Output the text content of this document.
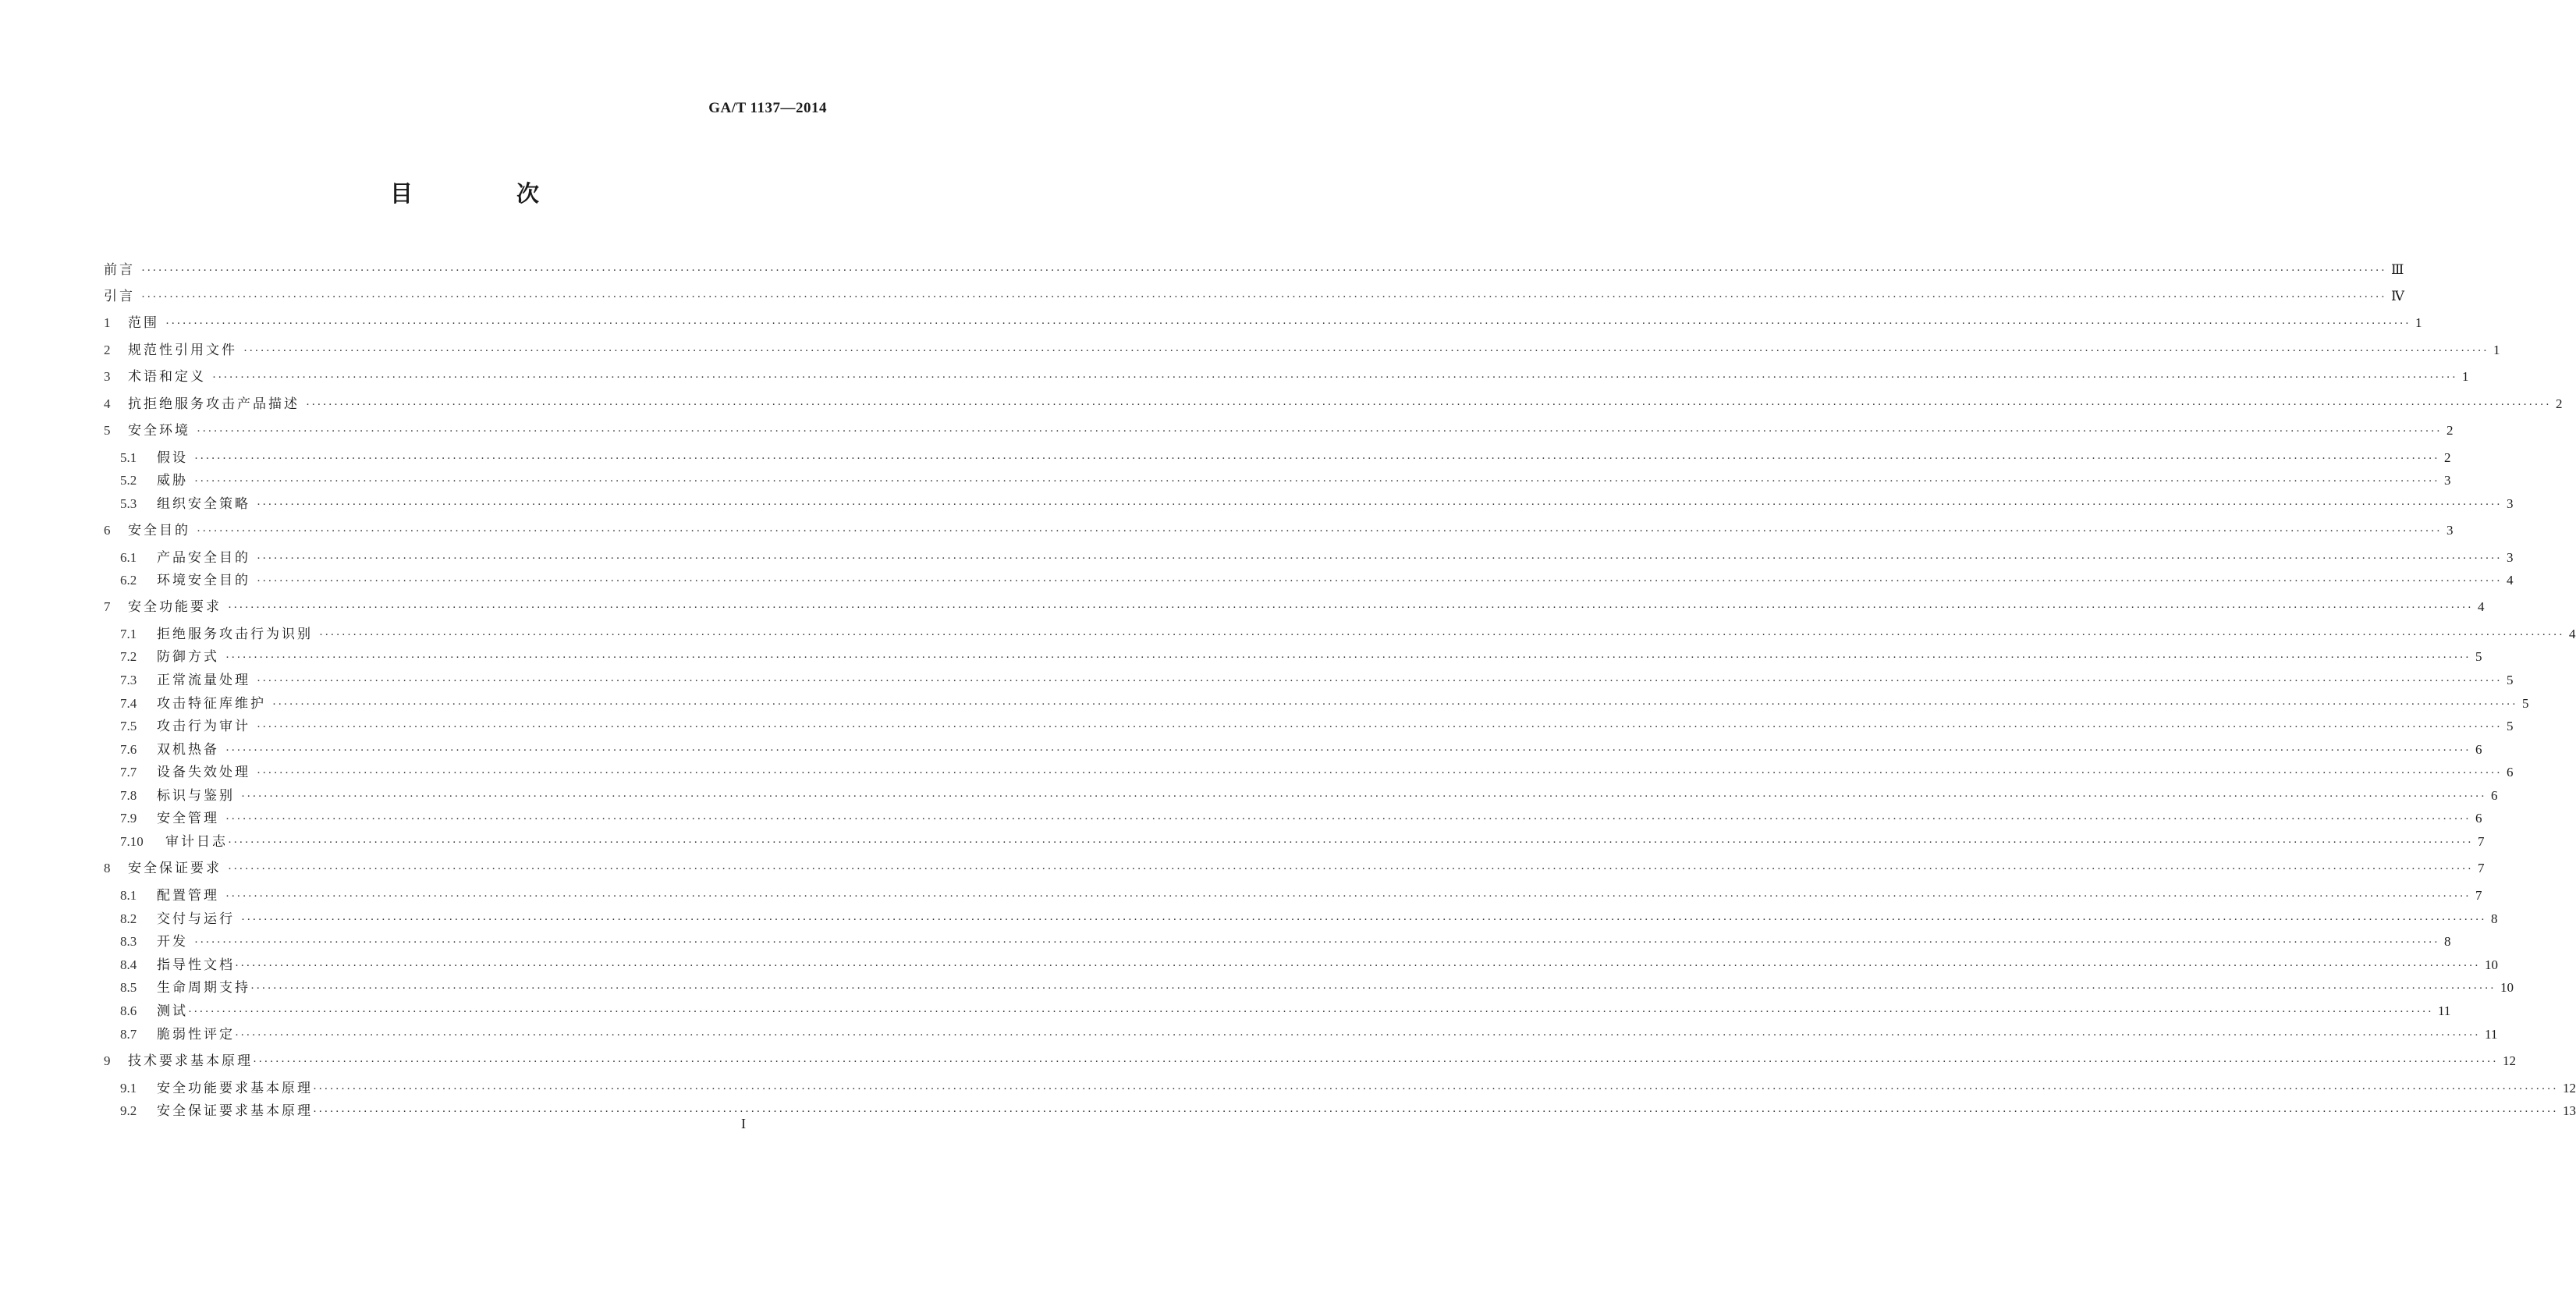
GA/T 1137—2014
目　次
前言 ················································································································································································································································································································································································································ Ⅲ
引言 ················································································································································································································································································································································································································ Ⅳ
1	范围 ················································································································································································································································································································································································································ 1
2	规范性引用文件 ················································································································································································································································································································································································································ 1
3	术语和定义 ················································································································································································································································································································································································································ 1
4	抗拒绝服务攻击产品描述 ················································································································································································································································································································································································································ 2
5	安全环境 ················································································································································································································································································································································································································ 2
5.1	假设 ················································································································································································································································································································································································································ 2
5.2	威胁 ················································································································································································································································································································································································································ 3
5.3	组织安全策略 ················································································································································································································································································································································································································ 3
6	安全目的 ················································································································································································································································································································································································································ 3
6.1	产品安全目的 ················································································································································································································································································································································································································ 3
6.2	环境安全目的 ················································································································································································································································································································································································································ 4
7	安全功能要求 ················································································································································································································································································································································································································ 4
7.1	拒绝服务攻击行为识别 ················································································································································································································································································································································································································ 4
7.2	防御方式 ················································································································································································································································································································································································································ 5
7.3	正常流量处理 ················································································································································································································································································································································································································ 5
7.4	攻击特征库维护 ················································································································································································································································································································································································································ 5
7.5	攻击行为审计 ················································································································································································································································································································································································································ 5
7.6	双机热备 ················································································································································································································································································································································································································ 6
7.7	设备失效处理 ················································································································································································································································································································································································································ 6
7.8	标识与鉴别 ················································································································································································································································································································································································································ 6
7.9	安全管理 ················································································································································································································································································································································································································ 6
7.10	审计日志 ················································································································································································································································································································································································································ 7
8	安全保证要求 ················································································································································································································································································································································································································ 7
8.1	配置管理 ················································································································································································································································································································································································································ 7
8.2	交付与运行 ················································································································································································································································································································································································································ 8
8.3	开发 ················································································································································································································································································································································································································ 8
8.4	指导性文档 ················································································································································································································································································································································································································ 10
8.5	生命周期支持 ················································································································································································································································································································································································································ 10
8.6	测试 ················································································································································································································································································································································································································ 11
8.7	脆弱性评定 ················································································································································································································································································································································································································ 11
9	技术要求基本原理 ················································································································································································································································································································································································································ 12
9.1	安全功能要求基本原理 ················································································································································································································································································································································································································ 12
9.2	安全保证要求基本原理 ················································································································································································································································································································································································································ 13
I
